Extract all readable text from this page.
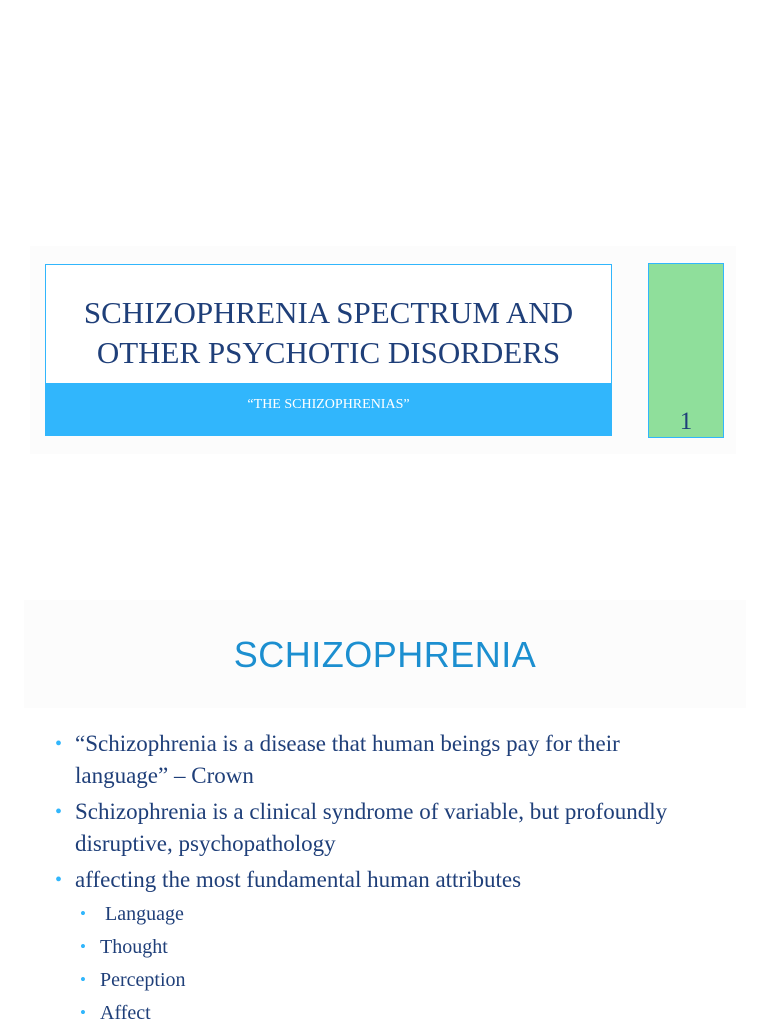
SCHIZOPHRENIA SPECTRUM AND
OTHER PSYCHOTIC DISORDERS
“THE SCHIZOPHRENIAS”
1
SCHIZOPHRENIA
• “Schizophrenia is a disease that human beings pay for their language” – Crown
• Schizophrenia is a clinical syndrome of variable, but profoundly disruptive, psychopathology
• affecting the most fundamental human attributes
• Language
• Thought
• Perception
• Affect
